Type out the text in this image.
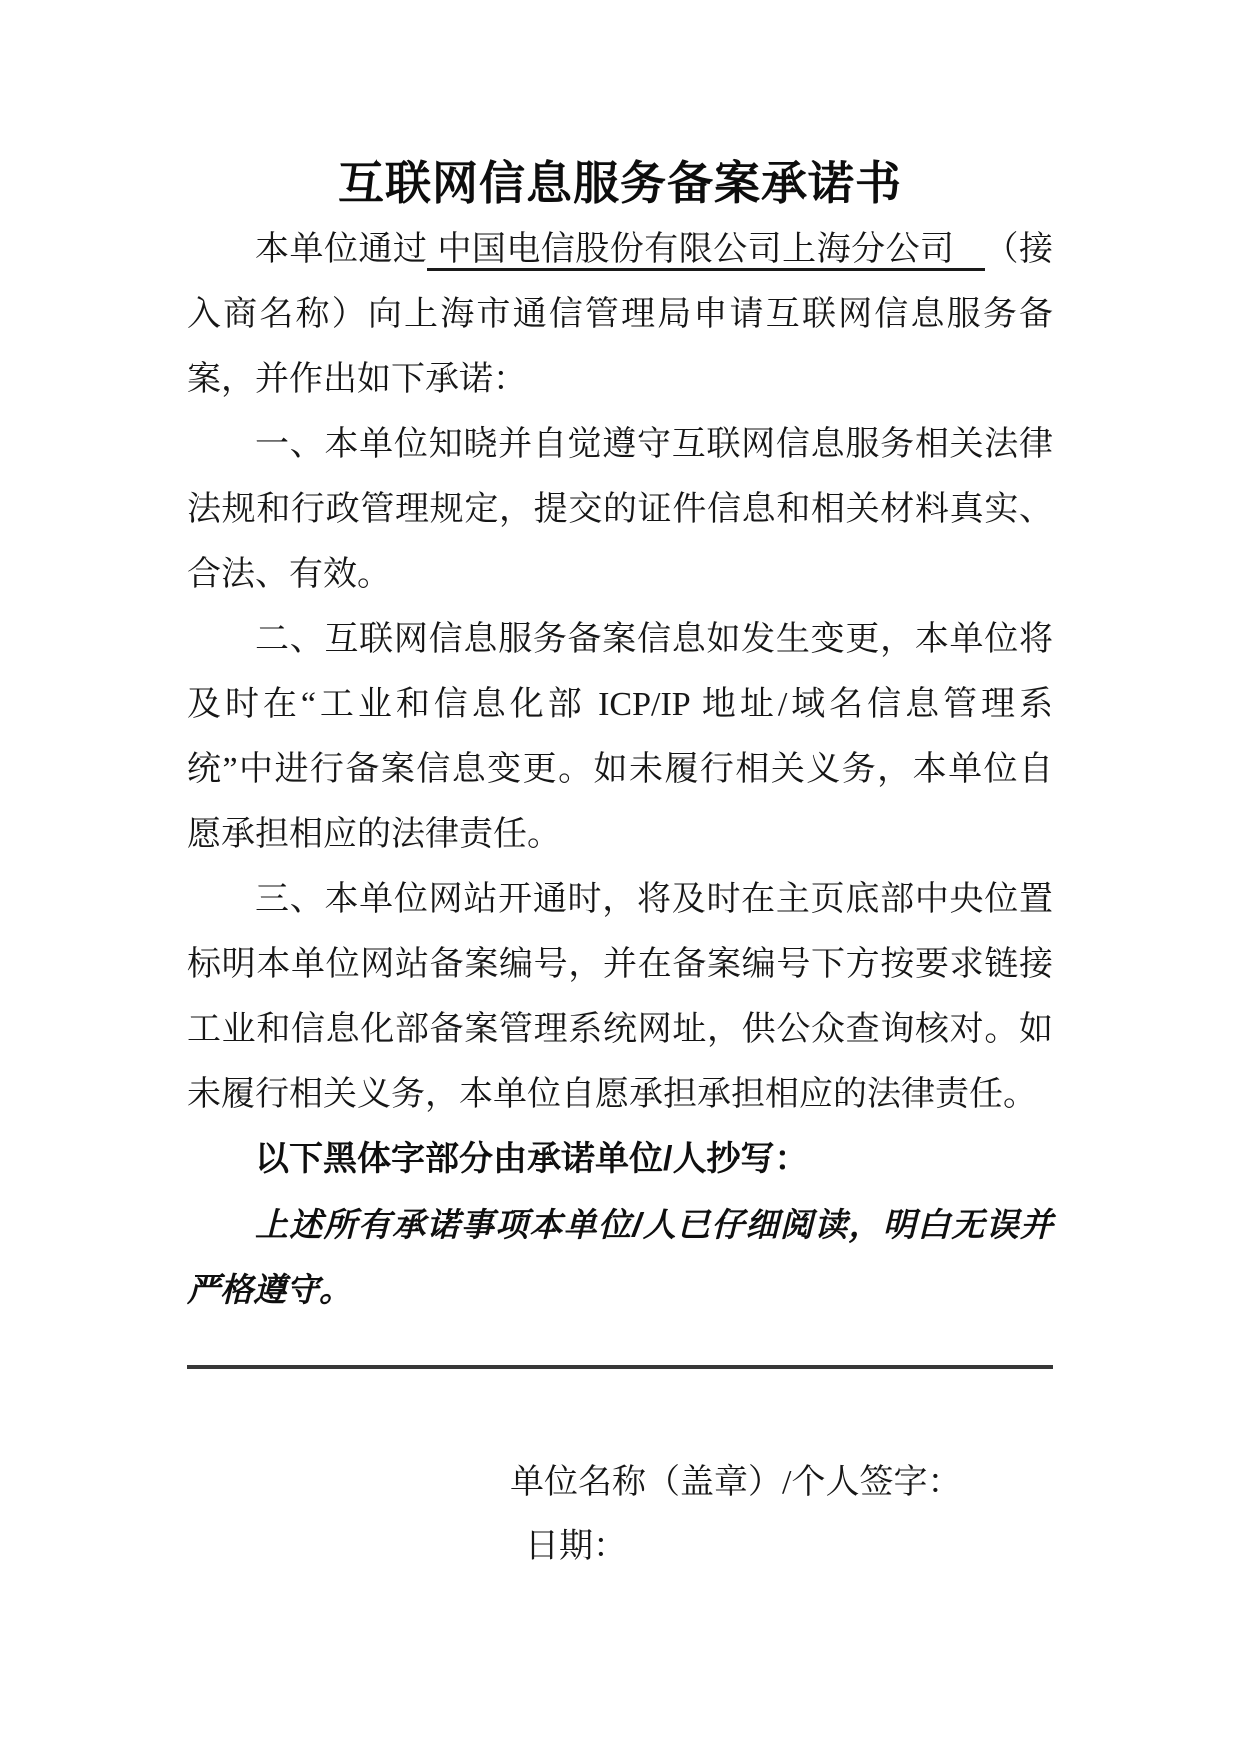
互联网信息服务备案承诺书
本单位通过 中国电信股份有限公司上海分公司 （接
入商名称）向上海市通信管理局申请互联网信息服务备
案，并作出如下承诺：
一、本单位知晓并自觉遵守互联网信息服务相关法律
法规和行政管理规定，提交的证件信息和相关材料真实、
合法、有效。
二、互联网信息服务备案信息如发生变更，本单位将
及时在“工业和信息化部 ICP/IP 地址/域名信息管理系
统”中进行备案信息变更。如未履行相关义务，本单位自
愿承担相应的法律责任。
三、本单位网站开通时，将及时在主页底部中央位置
标明本单位网站备案编号，并在备案编号下方按要求链接
工业和信息化部备案管理系统网址，供公众查询核对。如
未履行相关义务，本单位自愿承担承担相应的法律责任。
以下黑体字部分由承诺单位/人抄写：
上述所有承诺事项本单位/人已仔细阅读，明白无误并
严格遵守。
单位名称（盖章）/个人签字：
日期：
